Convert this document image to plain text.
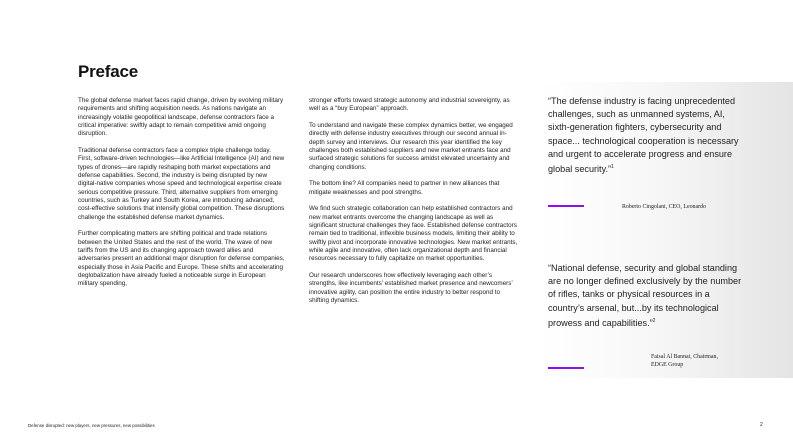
Preface

The global defense market faces rapid change, driven by evolving military requirements and shifting acquisition needs. As nations navigate an increasingly volatile geopolitical landscape, defense contractors face a critical imperative: swiftly adapt to remain competitive amid ongoing disruption.

Traditional defense contractors face a complex triple challenge today. First, software-driven technologies—like Artificial Intelligence (AI) and new types of drones—are rapidly reshaping both market expectations and defense capabilities. Second, the industry is being disrupted by new digital-native companies whose speed and technological expertise create serious competitive pressure. Third, alternative suppliers from emerging countries, such as Turkey and South Korea, are introducing advanced, cost-effective solutions that intensify global competition. These disruptions challenge the established defense market dynamics.

Further complicating matters are shifting political and trade relations between the United States and the rest of the world. The wave of new tariffs from the US and its changing approach toward allies and adversaries present an additional major disruption for defense companies, especially those in Asia Pacific and Europe. These shifts and accelerating deglobalization have already fueled a noticeable surge in European military spending,

stronger efforts toward strategic autonomy and industrial sovereignty, as well as a “buy European” approach.

To understand and navigate these complex dynamics better, we engaged directly with defense industry executives through our second annual in-depth survey and interviews. Our research this year identified the key challenges both established suppliers and new market entrants face and surfaced strategic solutions for success amidst elevated uncertainty and changing conditions.

The bottom line? All companies need to partner in new alliances that mitigate weaknesses and pool strengths.

We find such strategic collaboration can help established contractors and new market entrants overcome the changing landscape as well as significant structural challenges they face. Established defense contractors remain tied to traditional, inflexible business models, limiting their ability to swiftly pivot and incorporate innovative technologies. New market entrants, while agile and innovative, often lack organizational depth and financial resources necessary to fully capitalize on market opportunities.

Our research underscores how effectively leveraging each other’s strengths, like incumbents’ established market presence and newcomers’ innovative agility, can position the entire industry to better respond to shifting dynamics.

“The defense industry is facing unprecedented challenges, such as unmanned systems, AI, sixth-generation fighters, cybersecurity and space... technological cooperation is necessary and urgent to accelerate progress and ensure global security.”$^1$
Roberto Cingolani, CEO, Leonardo
“National defense, security and global standing are no longer defined exclusively by the number of rifles, tanks or physical resources in a country’s arsenal, but...by its technological prowess and capabilities.”$^2$
Faisal Al Bannai, Chairman,
EDGE Group
Defense disrupted: new players, new pressures, new possibilities	2
